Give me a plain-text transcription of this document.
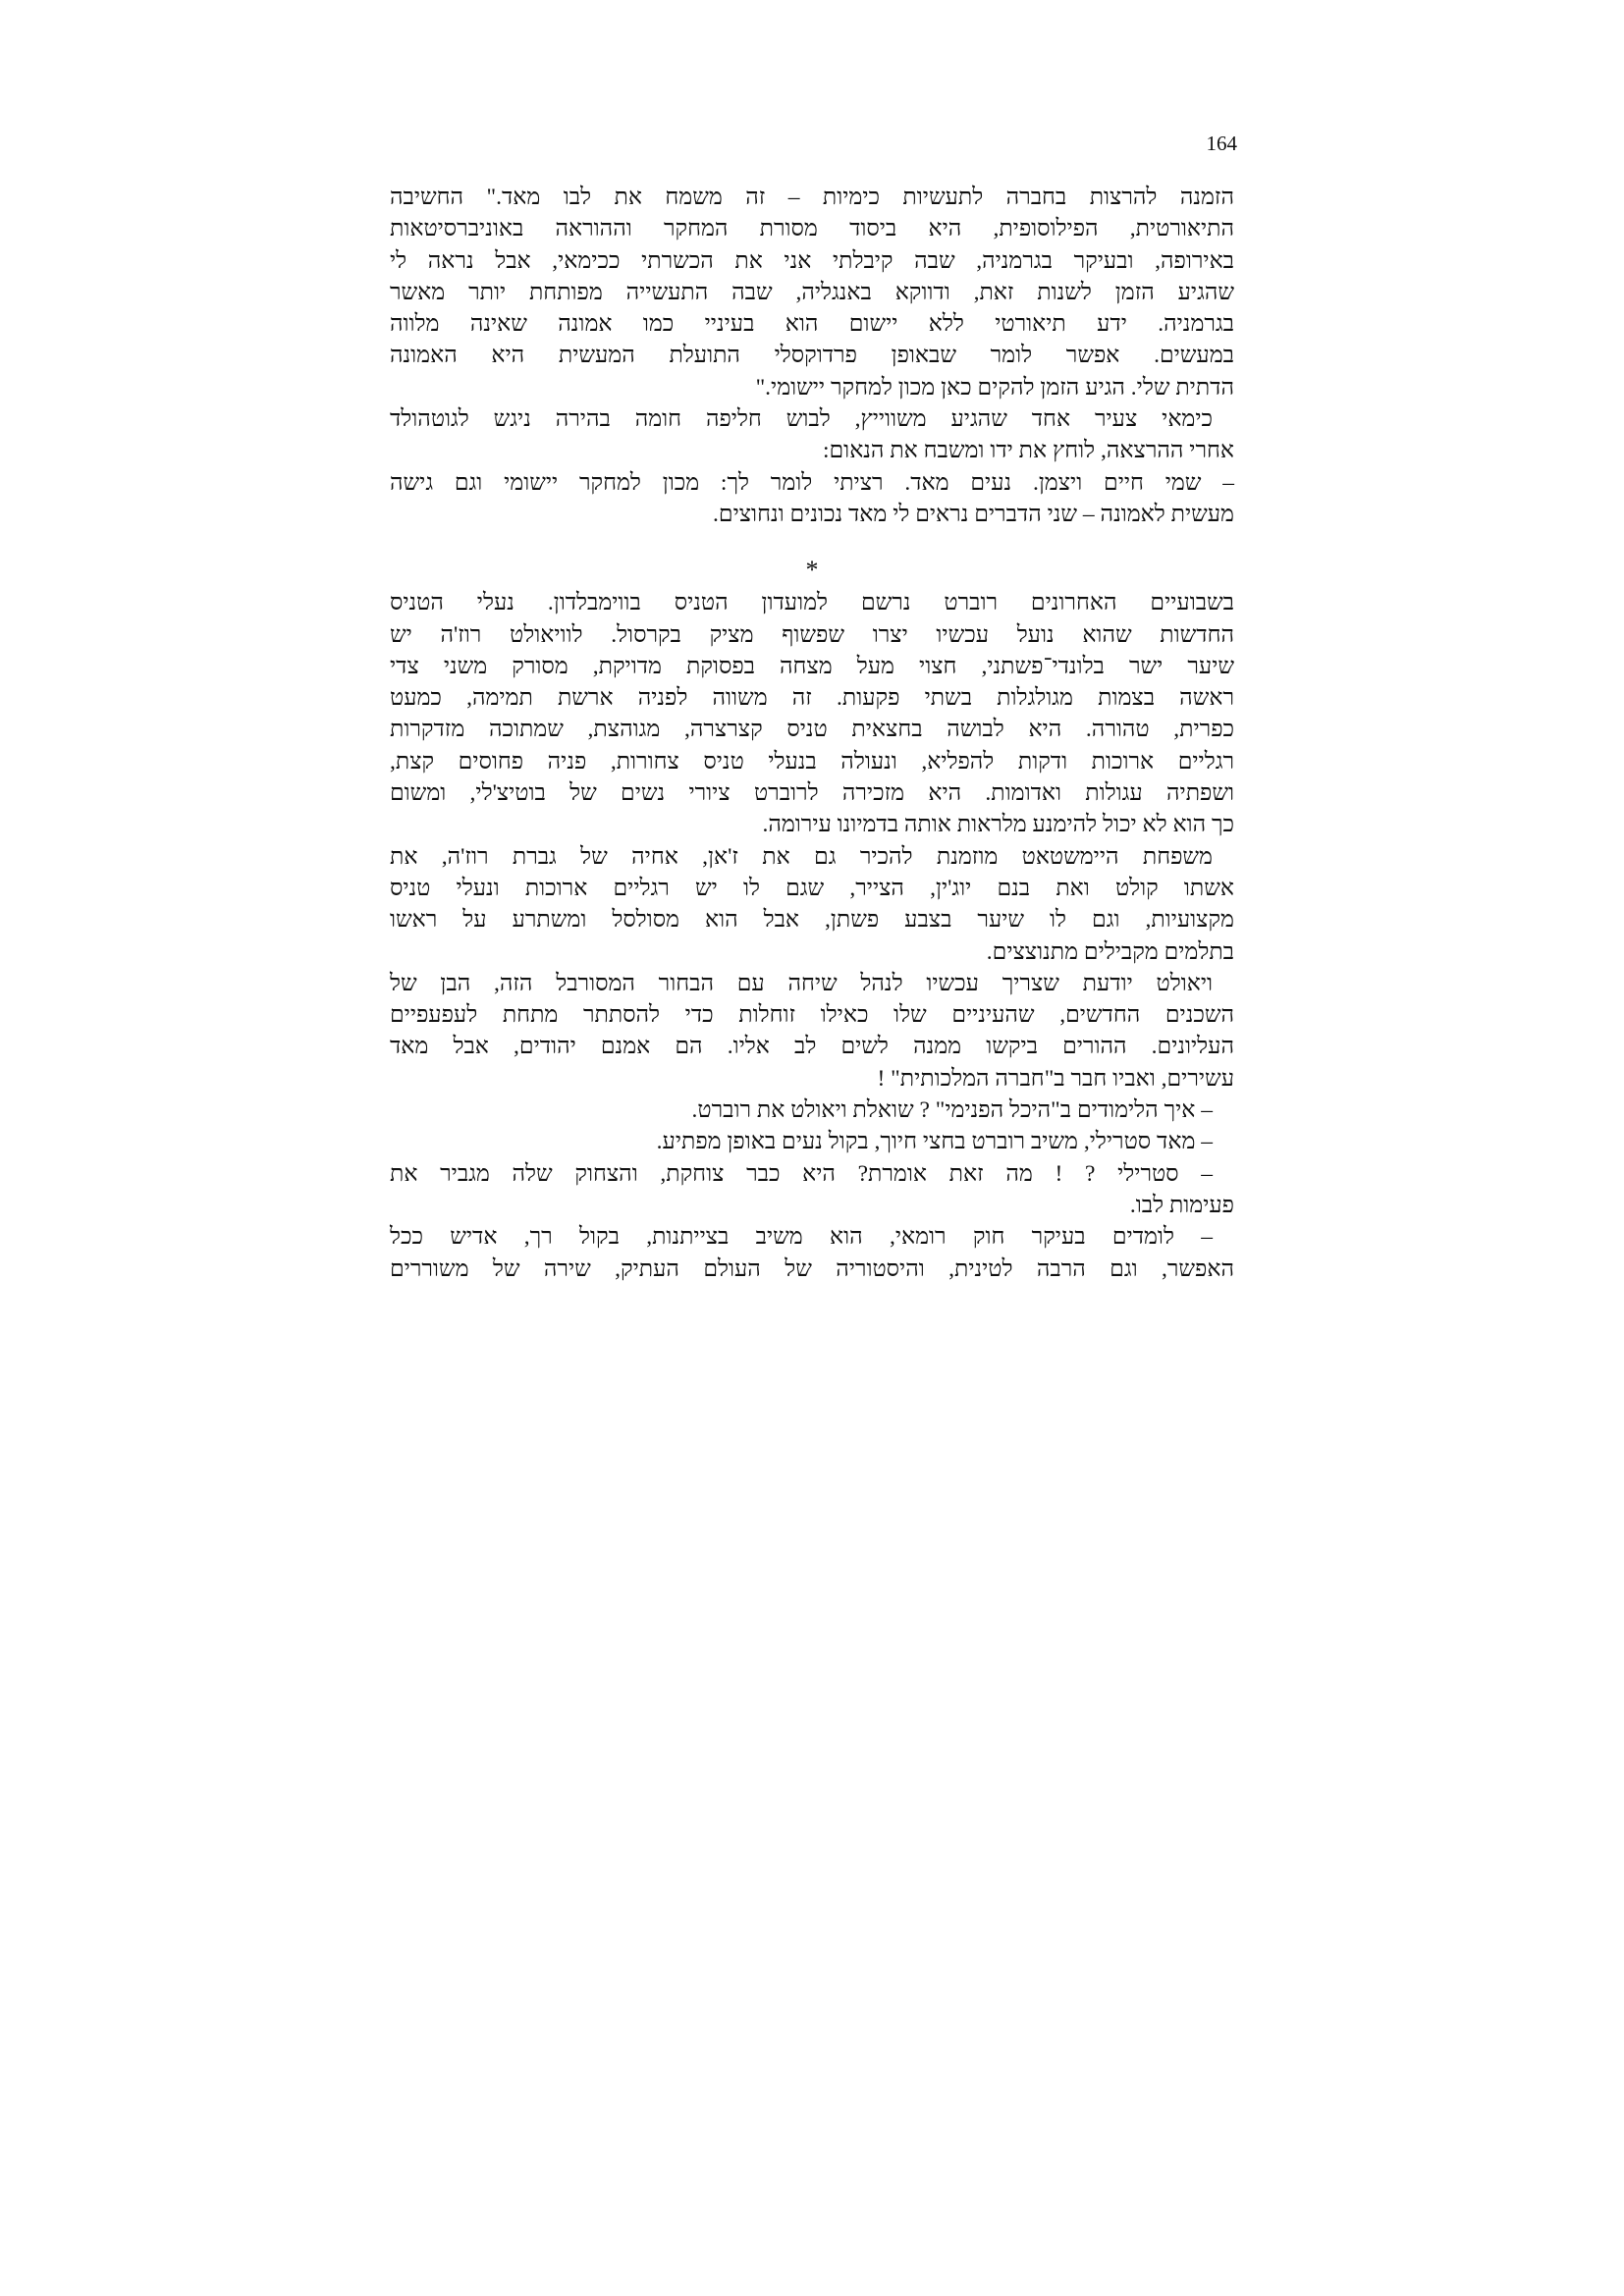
164
הזמנה להרצות בחברה לתעשיות כימיות – זה משמח את לבו מאד." החשיבה
התיאורטית, הפילוסופית, היא ביסוד מסורת המחקר וההוראה באוניברסיטאות
באירופה, ובעיקר בגרמניה, שבה קיבלתי אני את הכשרתי ככימאי, אבל נראה לי
שהגיע הזמן לשנות זאת, ודווקא באנגליה, שבה התעשייה מפותחת יותר מאשר
בגרמניה. ידע תיאורטי ללא יישום הוא בעיניי כמו אמונה שאינה מלווה
במעשים. אפשר לומר שבאופן פרדוקסלי התועלת המעשית היא האמונה
הדתית שלי. הגיע הזמן להקים כאן מכון למחקר יישומי."
כימאי צעיר אחד שהגיע משווייץ, לבוש חליפה חומה בהירה ניגש לגוטהולד
אחרי ההרצאה, לוחץ את ידו ומשבח את הנאום:
– שמי חיים ויצמן. נעים מאד. רציתי לומר לך: מכון למחקר יישומי וגם גישה
מעשית לאמונה – שני הדברים נראים לי מאד נכונים ונחוצים.
*
בשבועיים האחרונים רוברט נרשם למועדון הטניס בווימבלדון. נעלי הטניס
החדשות שהוא נועל עכשיו יצרו שפשוף מציק בקרסול. לוויאולט רוז'ה יש
שיער ישר בלונדי־פשתני, חצוי מעל מצחה בפסוקת מדויקת, מסורק משני צדי
ראשה בצמות מגולגלות בשתי פקעות. זה משווה לפניה ארשת תמימה, כמעט
כפרית, טהורה. היא לבושה בחצאית טניס קצרצרה, מגוהצת, שמתוכה מזדקרות
רגליים ארוכות ודקות להפליא, ונעולה בנעלי טניס צחורות, פניה פחוסים קצת,
ושפתיה עגולות ואדומות. היא מזכירה לרוברט ציורי נשים של בוטיצ'לי, ומשום
כך הוא לא יכול להימנע מלראות אותה בדמיונו עירומה.
משפחת היימשטאט מוזמנת להכיר גם את ז'אן, אחיה של גברת רוז'ה, את
אשתו קולט ואת בנם יוג'ין, הצייר, שגם לו יש רגליים ארוכות ונעלי טניס
מקצועיות, וגם לו שיער בצבע פשתן, אבל הוא מסולסל ומשתרע על ראשו
בתלמים מקבילים מתנוצצים.
ויאולט יודעת שצריך עכשיו לנהל שיחה עם הבחור המסורבל הזה, הבן של
השכנים החדשים, שהעיניים שלו כאילו זוחלות כדי להסתתר מתחת לעפעפיים
העליונים. ההורים ביקשו ממנה לשים לב אליו. הם אמנם יהודים, אבל מאד
עשירים, ואביו חבר ב"חברה המלכותית" !
– איך הלימודים ב"היכל הפנימי" ? שואלת ויאולט את רוברט.
– מאד סטרילי, משיב רוברט בחצי חיוך, בקול נעים באופן מפתיע.
– סטרילי ? ! מה זאת אומרת? היא כבר צוחקת, והצחוק שלה מגביר את
פעימות לבו.
– לומדים בעיקר חוק רומאי, הוא משיב בצייתנות, בקול רך, אדיש ככל
האפשר, וגם הרבה לטינית, והיסטוריה של העולם העתיק, שירה של משוררים
